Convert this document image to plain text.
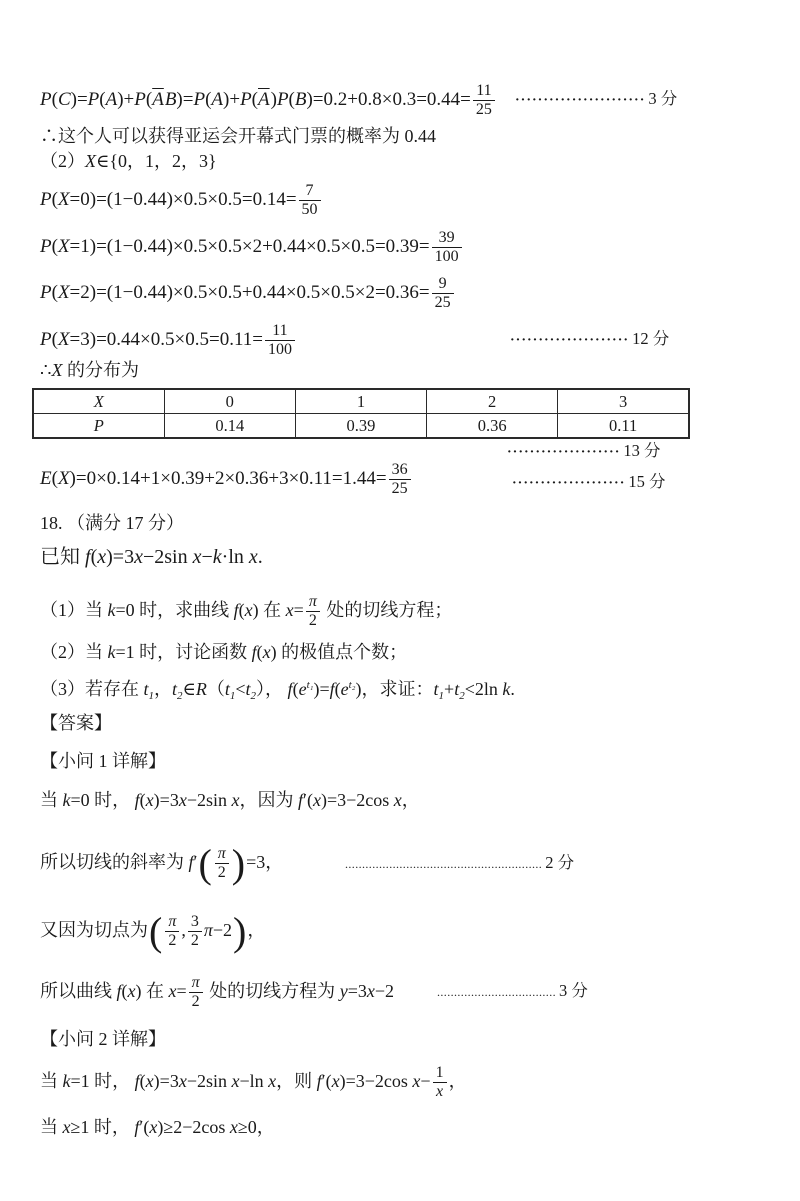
$P(C)=P(A)+P(\overline{A}B)=P(A)+P(\overline{A})P(B)=0.2+0.8\times 0.3=0.44= \frac{11}{25}$
∴这个人可以获得亚运会开幕式门票的概率为 0.44
（2）X∈{0，1，2，3}
$P(X=0)=(1-0.44)\times 0.5\times 0.5=0.14= \frac{7}{50}$
$P(X=1)=(1-0.44)\times 0.5\times 0.5\times 2+0.44\times 0.5\times 0.5=0.39= \frac{39}{100}$
$P(X=2)=(1-0.44)\times 0.5\times 0.5+0.44\times 0.5\times 0.5\times 2=0.36= \frac{9}{25}$
$P(X=3)=0.44\times 0.5\times 0.5=0.11= \frac{11}{100}$
∴X 的分布为
X	0	1	2	3
P	0.14	0.39	0.36	0.11
$E(X)=0\times 0.14+1\times 0.39+2\times 0.36+3\times 0.11=1.44= \frac{36}{25}$
18. （满分 17 分）
已知 f(x)=3x−2sin x−k·ln x.
（1）当 k=0 时，求曲线 f(x) 在 $x= \frac{\pi}{2}$ 处的切线方程；
（2）当 k=1 时，讨论函数 f(x) 的极值点个数；
（3）若存在 $t_1$，$t_2\in R(t_1<t_2)$， $f(e^{t_1})=f(e^{t_2})$，求证：$t_1+t_2<2\ln$ k.
【答案】
【小问 1 详解】
当 k=0 时， f(x)=3x−2sin x，因为 f′(x)=3−2cos x，
所以切线的斜率为 $f'( \frac{\pi}{2} )=3$，
又因为切点为( $\frac{\pi}{2}$ , $\frac{3}{2} \pi-2$)，
所以曲线 f(x) 在 $x= \frac{\pi}{2}$ 处的切线方程为 y=3x−2
【小问 2 详解】
当 k=1 时， f(x)=3x−2sin x−ln x，则 f′(x)=3−2cos $x- \frac{1}{x}$ ，
当 x≥1 时， f′(x)≥2−2cos x≥0，
······················· 3 分
····················· 12 分
···················· 13 分
···················· 15 分
.......................................................... 2 分
................................... 3 分
